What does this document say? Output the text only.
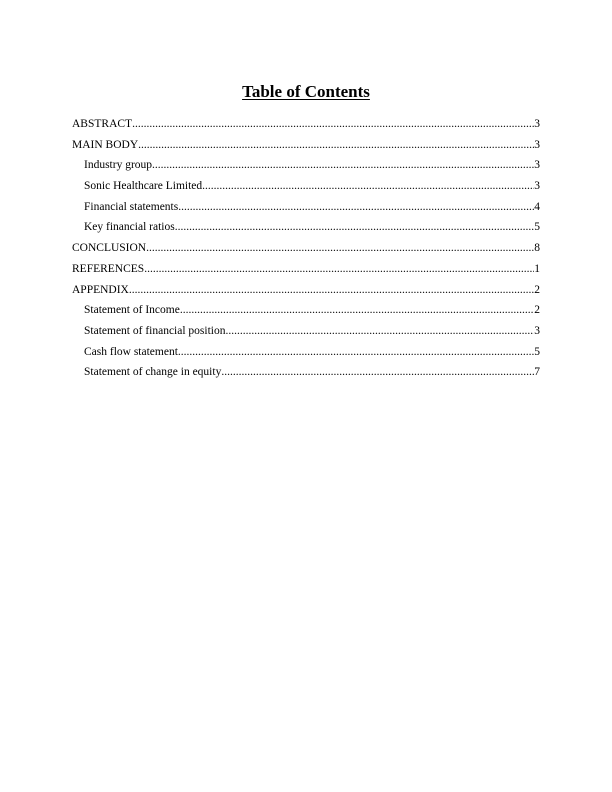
Table of Contents
ABSTRACT .....	3
MAIN BODY .....	3
Industry group .....	3
Sonic Healthcare Limited .....	3
Financial statements .....	4
Key financial ratios .....	5
CONCLUSION .....	8
REFERENCES .....	1
APPENDIX .....	2
Statement of Income .....	2
Statement of financial position .....	3
Cash flow statement .....	5
Statement of change in equity .....	7
